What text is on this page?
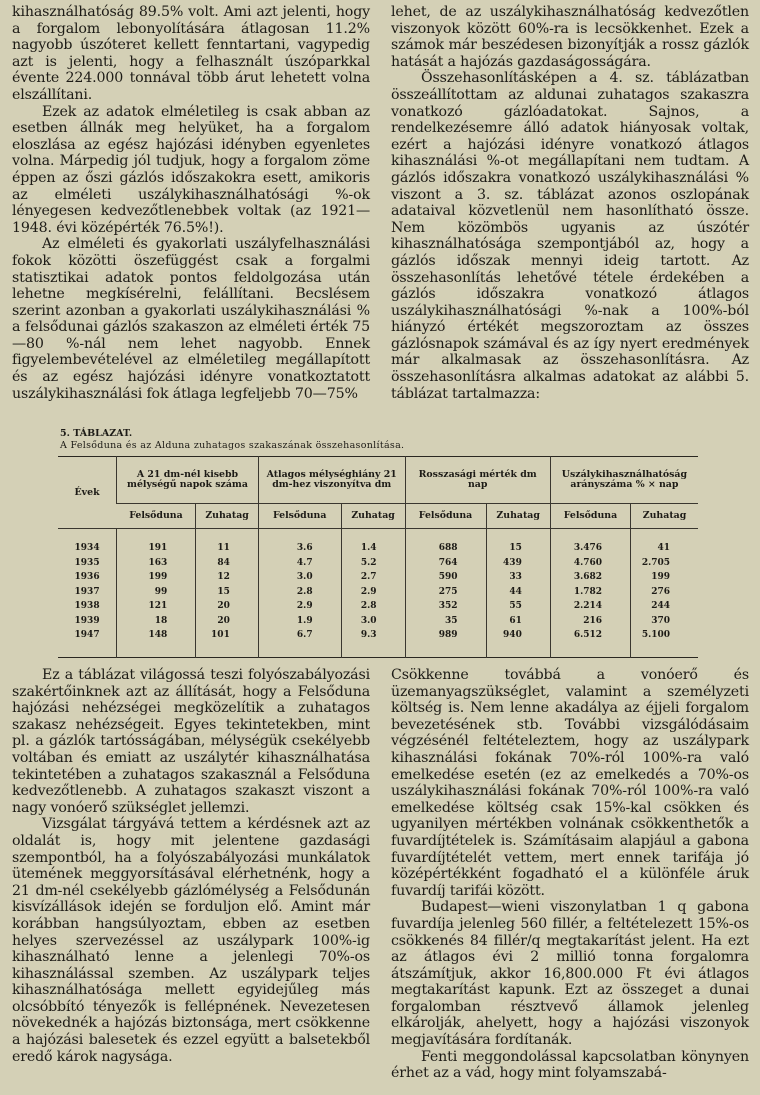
kihasználhatóság 89.5% volt. Ami azt jelenti, hogy a forgalom lebonyolítására átlagosan 11.2% nagyobb úszóteret kellett fenntartani, vagypedig azt is jelenti, hogy a felhasznált úszóparkkal évente 224.000 tonnával több árut lehetett volna elszállítani.

Ezek az adatok elméletileg is csak abban az esetben állnák meg helyüket, ha a forgalom eloszlása az egész hajózási idényben egyenletes volna. Márpedig jól tudjuk, hogy a forgalom zöme éppen az őszi gázlós időszakokra esett, amikoris az elméleti uszálykihasználhatósági %-ok lényegesen kedvezőtlenebbek voltak (az 1921—1948. évi középérték 76.5%!).

Az elméleti és gyakorlati uszályfelhasználási fokok közötti öszefüggést csak a forgalmi statisztikai adatok pontos feldolgozása után lehetne megkísérelni, felállítani. Becslésem szerint azonban a gyakorlati uszálykihasználási % a felsődunai gázlós szakaszon az elméleti érték 75—80 %-nál nem lehet nagyobb. Ennek figyelembevételével az elméletileg megállapított és az egész hajózási idényre vonatkoztatott uszálykihasználási fok átlaga legfeljebb 70—75%

lehet, de az uszálykihasználhatóság kedvezőtlen viszonyok között 60%-ra is lecsökkenhet. Ezek a számok már beszédesen bizonyítják a rossz gázlók hatását a hajózás gazdaságosságára.

Összehasonlításképen a 4. sz. táblázatban összeállítottam az aldunai zuhatagos szakaszra vonatkozó gázlóadatokat. Sajnos, a rendelkezésemre álló adatok hiányosak voltak, ezért a hajózási idényre vonatkozó átlagos kihasználási %-ot megállapítani nem tudtam. A gázlós időszakra vonatkozó uszálykihasználási % viszont a 3. sz. táblázat azonos oszlopának adataival közvetlenül nem hasonlítható össze. Nem közömbös ugyanis az úszótér kihasználhatósága szempontjából az, hogy a gázlós időszak mennyi ideig tartott. Az összehasonlítás lehetővé tétele érdekében a gázlós időszakra vonatkozó átlagos uszálykihasználhatósági %-nak a 100%-ból hiányzó értékét megszoroztam az összes gázlósnapok számával és az így nyert eredmények már alkalmasak az összehasonlításra. Az összehasonlításra alkalmas adatokat az alábbi 5. táblázat tartalmazza:

5. TÁBLAZAT.
A Felsőduna és az Alduna zuhatagos szakaszának összehasonlítása.
Évek	A 21 dm-nél kisebb mélységű napok száma		Atlagos mélységhiány 21 dm-hez viszonyítva dm		Rosszasági mérték dm nap		Uszálykihasználhatóság arányszáma % × nap	
	Felsőduna	Zuhatag	Felsőduna	Zuhatag	Felsőduna	Zuhatag	Felsőduna	Zuhatag

1934	191	11	3.6	1.4	688	15	3.476	41
1935	163	84	4.7	5.2	764	439	4.760	2.705
1936	199	12	3.0	2.7	590	33	3.682	199
1937	99	15	2.8	2.9	275	44	1.782	276
1938	121	20	2.9	2.8	352	55	2.214	244
1939	18	20	1.9	3.0	35	61	216	370
1947	148	101	6.7	9.3	989	940	6.512	5.100

Ez a táblázat világossá teszi folyószabályozási szakértőinknek azt az állítását, hogy a Felsőduna hajózási nehézségei megközelítik a zuhatagos szakasz nehézségeit. Egyes tekintetekben, mint pl. a gázlók tartósságában, mélységük csekélyebb voltában és emiatt az uszálytér kihasználhatása tekintetében a zuhatagos szakasznál a Felsőduna kedvezőtlenebb. A zuhatagos szakaszt viszont a nagy vonóerő szükséglet jellemzi.

Vizsgálat tárgyává tettem a kérdésnek azt az oldalát is, hogy mit jelentene gazdasági szempontból, ha a folyószabályozási munkálatok ütemének meggyorsításával elérhetnénk, hogy a 21 dm-nél csekélyebb gázlómélység a Felsődunán kisvízállások idején se forduljon elő. Amint már korábban hangsúlyoztam, ebben az esetben helyes szervezéssel az uszálypark 100%-ig kihasználható lenne a jelenlegi 70%-os kihasználással szemben. Az uszálypark teljes kihasználhatósága mellett egyidejűleg más olcsóbbító tényezők is fellépnének. Nevezetesen növekednék a hajózás biztonsága, mert csökkenne a hajózási balesetek és ezzel együtt a balsetekből eredő károk nagysága.

Csökkenne továbbá a vonóerő és üzemanyagszükséglet, valamint a személyzeti költség is. Nem lenne akadálya az éjjeli forgalom bevezetésének stb. További vizsgálódásaim végzésénél feltételeztem, hogy az uszálypark kihasználási fokának 70%-ról 100%-ra való emelkedése esetén (ez az emelkedés a 70%-os uszálykihasználási fokának 70%-ról 100%-ra való emelkedése költség csak 15%-kal csökken és ugyanilyen mértékben volnának csökkenthetők a fuvardíjtételek is. Számításaim alapjául a gabona fuvardíjtételét vettem, mert ennek tarifája jó középértékként fogadható el a különféle áruk fuvardíj tarifái között.

Budapest—wieni viszonylatban 1 q gabona fuvardíja jelenleg 560 fillér, a feltételezett 15%-os csökkenés 84 fillér/q megtakarítást jelent. Ha ezt az átlagos évi 2 millió tonna forgalomra átszámítjuk, akkor 16,800.000 Ft évi átlagos megtakarítást kapunk. Ezt az összeget a dunai forgalomban résztvevő államok jelenleg elkárolják, ahelyett, hogy a hajózási viszonyok megjavítására fordítanák.

Fenti meggondolással kapcsolatban könynyen érhet az a vád, hogy mint folyamszabá-
